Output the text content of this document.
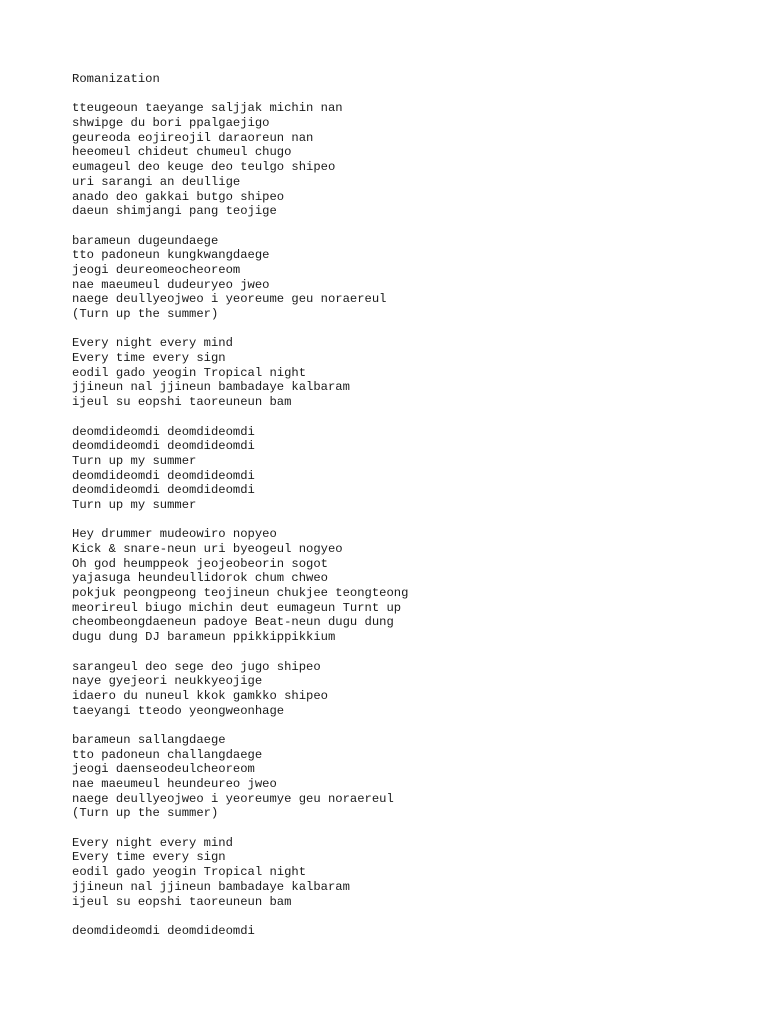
Romanization
tteugeoun taeyange saljjak michin nan
shwipge du bori ppalgaejigo
geureoda eojireojil daraoreun nan
heeomeul chideut chumeul chugo
eumageul deo keuge deo teulgo shipeo
uri sarangi an deullige
anado deo gakkai butgo shipeo
daeun shimjangi pang teojige
barameun dugeundaege
tto padoneun kungkwangdaege
jeogi deureomeocheoreom
nae maeumeul dudeuryeo jweo
naege deullyeojweo i yeoreume geu noraereul
(Turn up the summer)
Every night every mind
Every time every sign
eodil gado yeogin Tropical night
jjineun nal jjineun bambadaye kalbaram
ijeul su eopshi taoreuneun bam
deomdideomdi deomdideomdi
deomdideomdi deomdideomdi
Turn up my summer
deomdideomdi deomdideomdi
deomdideomdi deomdideomdi
Turn up my summer
Hey drummer mudeowiro nopyeo
Kick & snare-neun uri byeogeul nogyeo
Oh god heumppeok jeojeobeorin sogot
yajasuga heundeullidorok chum chweo
pokjuk peongpeong teojineun chukjee teongteong
meorireul biugo michin deut eumageun Turnt up
cheombeongdaeneun padoye Beat-neun dugu dung
dugu dung DJ barameun ppikkippikkium
sarangeul deo sege deo jugo shipeo
naye gyejeori neukkyeojige
idaero du nuneul kkok gamkko shipeo
taeyangi tteodo yeongweonhage
barameun sallangdaege
tto padoneun challangdaege
jeogi daenseodeulcheoreom
nae maeumeul heundeureo jweo
naege deullyeojweo i yeoreumye geu noraereul
(Turn up the summer)
Every night every mind
Every time every sign
eodil gado yeogin Tropical night
jjineun nal jjineun bambadaye kalbaram
ijeul su eopshi taoreuneun bam
deomdideomdi deomdideomdi
